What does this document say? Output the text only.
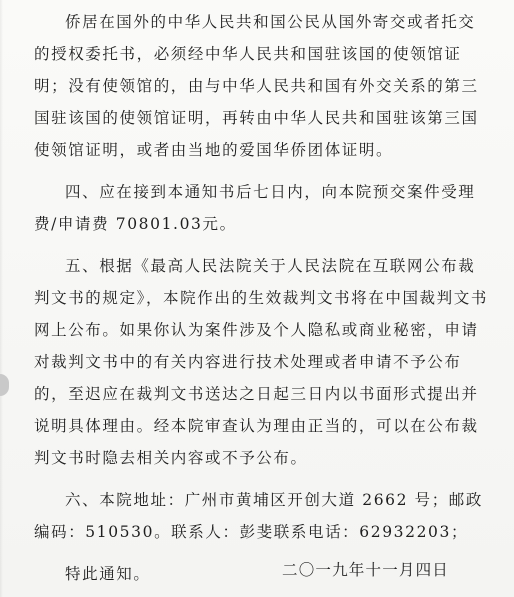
侨居在国外的中华人民共和国公民从国外寄交或者托交的授权委托书，必须经中华人民共和国驻该国的使领馆证明；没有使领馆的，由与中华人民共和国有外交关系的第三国驻该国的使领馆证明，再转由中华人民共和国驻该第三国使领馆证明，或者由当地的爱国华侨团体证明。

四、应在接到本通知书后七日内，向本院预交案件受理费/申请费 70801.03元。

五、根据《最高人民法院关于人民法院在互联网公布裁判文书的规定》，本院作出的生效裁判文书将在中国裁判文书网上公布。如果你认为案件涉及个人隐私或商业秘密，申请对裁判文书中的有关内容进行技术处理或者申请不予公布的，至迟应在裁判文书送达之日起三日内以书面形式提出并说明具体理由。经本院审查认为理由正当的，可以在公布裁判文书时隐去相关内容或不予公布。

六、本院地址：广州市黄埔区开创大道 2662 号；邮政编码：510530。联系人：彭斐联系电话：62932203；

特此通知。	二〇一九年十一月四日
